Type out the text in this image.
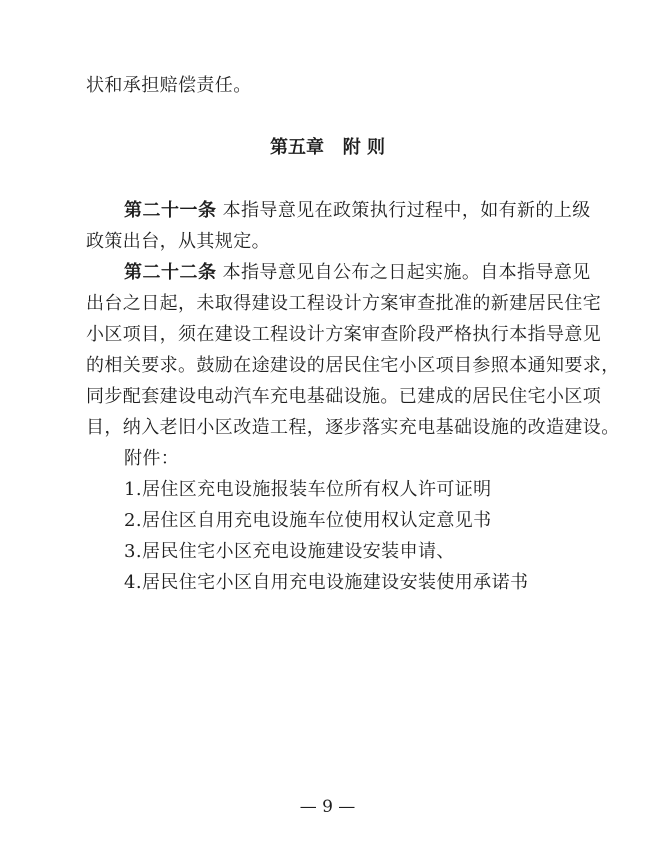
状和承担赔偿责任。
第五章   附 则
第二十一条 本指导意见在政策执行过程中，如有新的上级
政策出台，从其规定。
第二十二条 本指导意见自公布之日起实施。自本指导意见
出台之日起，未取得建设工程设计方案审查批准的新建居民住宅
小区项目，须在建设工程设计方案审查阶段严格执行本指导意见
的相关要求。鼓励在途建设的居民住宅小区项目参照本通知要求，
同步配套建设电动汽车充电基础设施。已建成的居民住宅小区项
目，纳入老旧小区改造工程，逐步落实充电基础设施的改造建设。
附件：
1.居住区充电设施报装车位所有权人许可证明
2.居住区自用充电设施车位使用权认定意见书
3.居民住宅小区充电设施建设安装申请、
4.居民住宅小区自用充电设施建设安装使用承诺书
— 9 —
